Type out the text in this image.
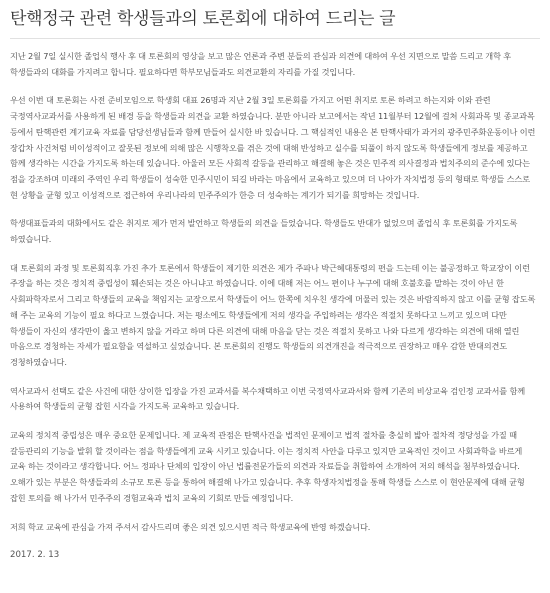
탄핵정국 관련 학생들과의 토론회에 대하여 드리는 글

지난 2월 7일 실시한 졸업식 행사 후 대 토론회의 영상을 보고 많은 언론과 주변 분들의 관심과 의견에 대하여 우선 지면으로 말씀 드리고 개학 후 학생들과의 대화를 가지려고 합니다. 필요하다면 학부모님들과도 의견교환의 자리를 가질 것입니다.

우선 이번 대 토론회는 사전 준비모임으로 학생회 대표 26명과 지난 2월 3일 토론회를 가지고 어떤 취지로 토론 하려고 하는지와 이와 관련 국정역사교과서를 사용하게 된 배경 등을 학생들과 의견을 교환 하였습니다. 분만 아니라 보고에서는 작년 11월부터 12월에 걸쳐 사회과목 및 종교과목 등에서 탄핵관련 계기교육 자료를 담당선생님들과 함께 만들어 실시한 바 있습니다. 그 핵심적인 내용은 본 탄핵사태가 과거의 광주민주화운동이나 이런 장갑차 사건처럼 비이성적이고 잘못된 정보에 의해 많은 시행착오를 겪은 것에 대해 반성하고 실수를 되풀이 하지 않도록 학생들에게 정보를 제공하고 함께 생각하는 시간을 가지도록 하는데 있습니다. 아울러 모든 사회적 갈등을 관리하고 해결해 놓은 것은 민주적 의사결정과 법치주의의 준수에 있다는 점을 강조하며 미래의 주역인 우리 학생들이 성숙한 민주시민이 되길 바라는 마음에서 교육하고 있으며 더 나아가 자치법정 등의 형태로 학생들 스스로 현 상황을 균형 있고 이성적으로 접근하여 우리나라의 민주주의가 한층 더 성숙하는 계기가 되기를 희망하는 것입니다.

학생대표들과의 대화에서도 같은 취지로 제가 먼저 발언하고 학생들의 의견을 들었습니다. 학생들도 반대가 없었으며 졸업식 후 토론회를 가지도록 하였습니다.

대 토론회의 과정 및 토론회직후 가진 추가 토론에서 학생들이 제기한 의견은 제가 주파나 박근혜대통령의 편을 드는데 이는 불공정하고 학교장이 이런 주장을 하는 것은 정치적 중립성이 훼손되는 것은 아니냐고 하였습니다. 이에 대해 저는 어느 편이나 누구에 대해 호불호를 말하는 것이 아닌 한 사회파학자로서 그리고 학생들의 교육을 책임지는 교장으로서 학생들이 어느 한쪽에 치우친 생각에 머물러 있는 것은 바람직하지 않고 이를 균형 잡도록 해 주는 교육의 기능이 필요 하다고 느꼈습니다. 저는 평소에도 학생들에게 저의 생각을 주입하려는 생각은 적절치 못하다고 느끼고 있으며 다만 학생들이 자신의 생각만이 옳고 변하지 않을 거라고 하며 다른 의견에 대해 마음을 닫는 것은 적절치 못하고 나와 다르게 생각하는 의견에 대해 열린 마음으로 경청하는 자세가 필요함을 역설하고 싶었습니다. 본 토론회의 진행도 학생들의 의견개진을 적극적으로 권장하고 매우 감한 반대의견도 경청하였습니다.

역사교과서 선택도 같은 사건에 대한 상이한 입장을 가진 교과서를 복수채택하고 이번 국정역사교과서와 함께 기존의 비상교육 검인정 교과서를 함께 사용하여 학생들의 균형 잡힌 시각을 가지도록 교육하고 있습니다.

교육의 정치적 중립성은 매우 중요한 문제입니다. 제 교육적 관점은 탄핵사건을 법적인 문제이고 법적 절차를 충실히 밟아 절차적 정당성을 가질 때 갈등관리의 기능을 발휘 할 것이라는 점을 학생들에게 교육 시키고 있습니다. 이는 정치적 사안을 다루고 있지만 교육적인 것이고 사회과학을 바르게 교육 하는 것이라고 생각합니다. 어느 정파나 단체의 입장이 아닌 법률전문가들의 의견과 자료들을 취합하여 소개하여 저의 해석을 첨부하였습니다. 오해가 있는 부분은 학생들과의 소규모 토론 등을 통하여 해결해 나가고 있습니다. 추후 학생자치법정을 통해 학생들 스스로 이 현안문제에 대해 균형 잡힌 토의를 해 나가서 민주주의 경험교육과 법치 교육의 기회로 만들 예정입니다.

저희 학교 교육에 관심을 가져 주셔서 감사드리며 좋은 의견 있으시면 적극 학생교육에 반영 하겠습니다.

2017. 2. 13
